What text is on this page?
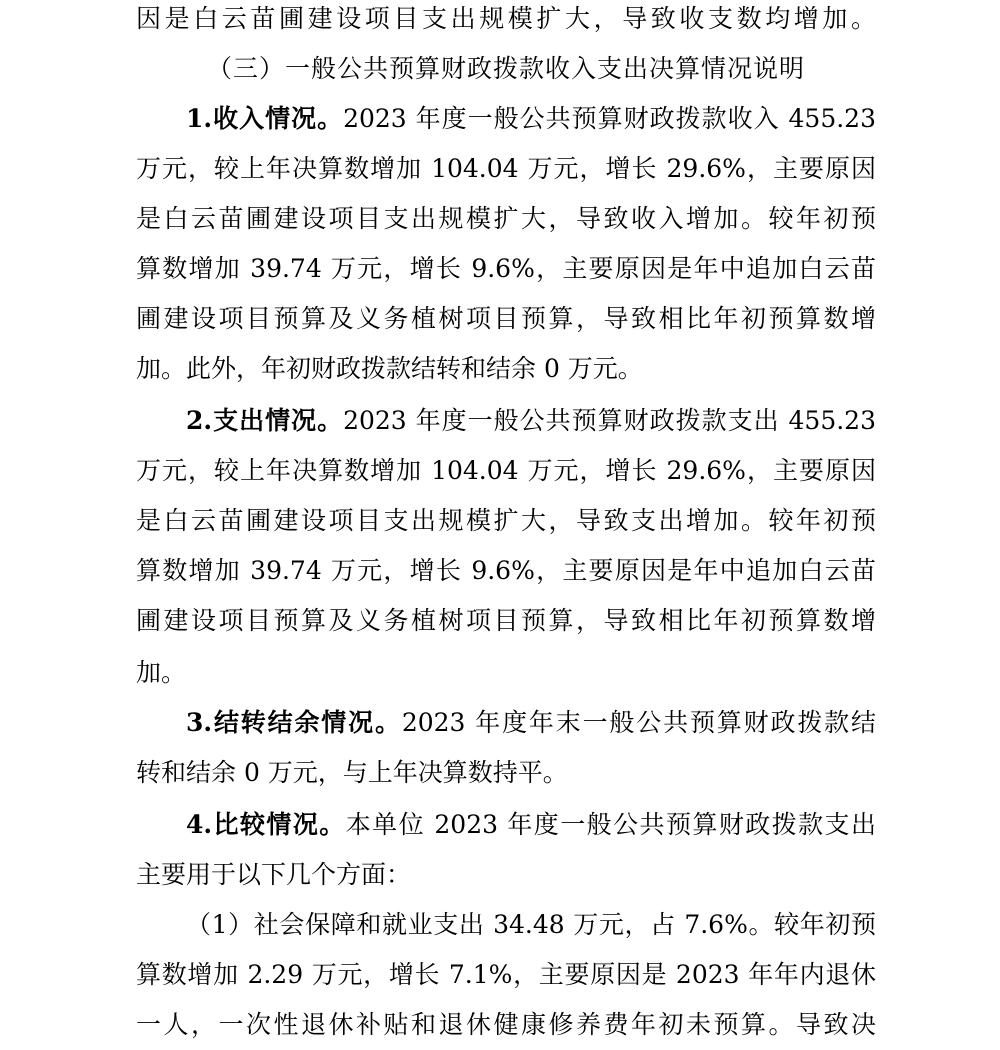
因是白云苗圃建设项目支出规模扩大，导致收支数均增加。
（三）一般公共预算财政拨款收入支出决算情况说明
1.收入情况。2023 年度一般公共预算财政拨款收入 455.23
万元，较上年决算数增加 104.04 万元，增长 29.6%，主要原因
是白云苗圃建设项目支出规模扩大，导致收入增加。较年初预
算数增加 39.74 万元，增长 9.6%，主要原因是年中追加白云苗
圃建设项目预算及义务植树项目预算，导致相比年初预算数增
加。此外，年初财政拨款结转和结余 0 万元。
2.支出情况。2023 年度一般公共预算财政拨款支出 455.23
万元，较上年决算数增加 104.04 万元，增长 29.6%，主要原因
是白云苗圃建设项目支出规模扩大，导致支出增加。较年初预
算数增加 39.74 万元，增长 9.6%，主要原因是年中追加白云苗
圃建设项目预算及义务植树项目预算，导致相比年初预算数增
加。
3.结转结余情况。2023 年度年末一般公共预算财政拨款结
转和结余 0 万元，与上年决算数持平。
4.比较情况。本单位 2023 年度一般公共预算财政拨款支出
主要用于以下几个方面：
（1）社会保障和就业支出 34.48 万元，占 7.6%。较年初预
算数增加 2.29 万元，增长 7.1%，主要原因是 2023 年年内退休
一人，一次性退休补贴和退休健康修养费年初未预算。导致决
